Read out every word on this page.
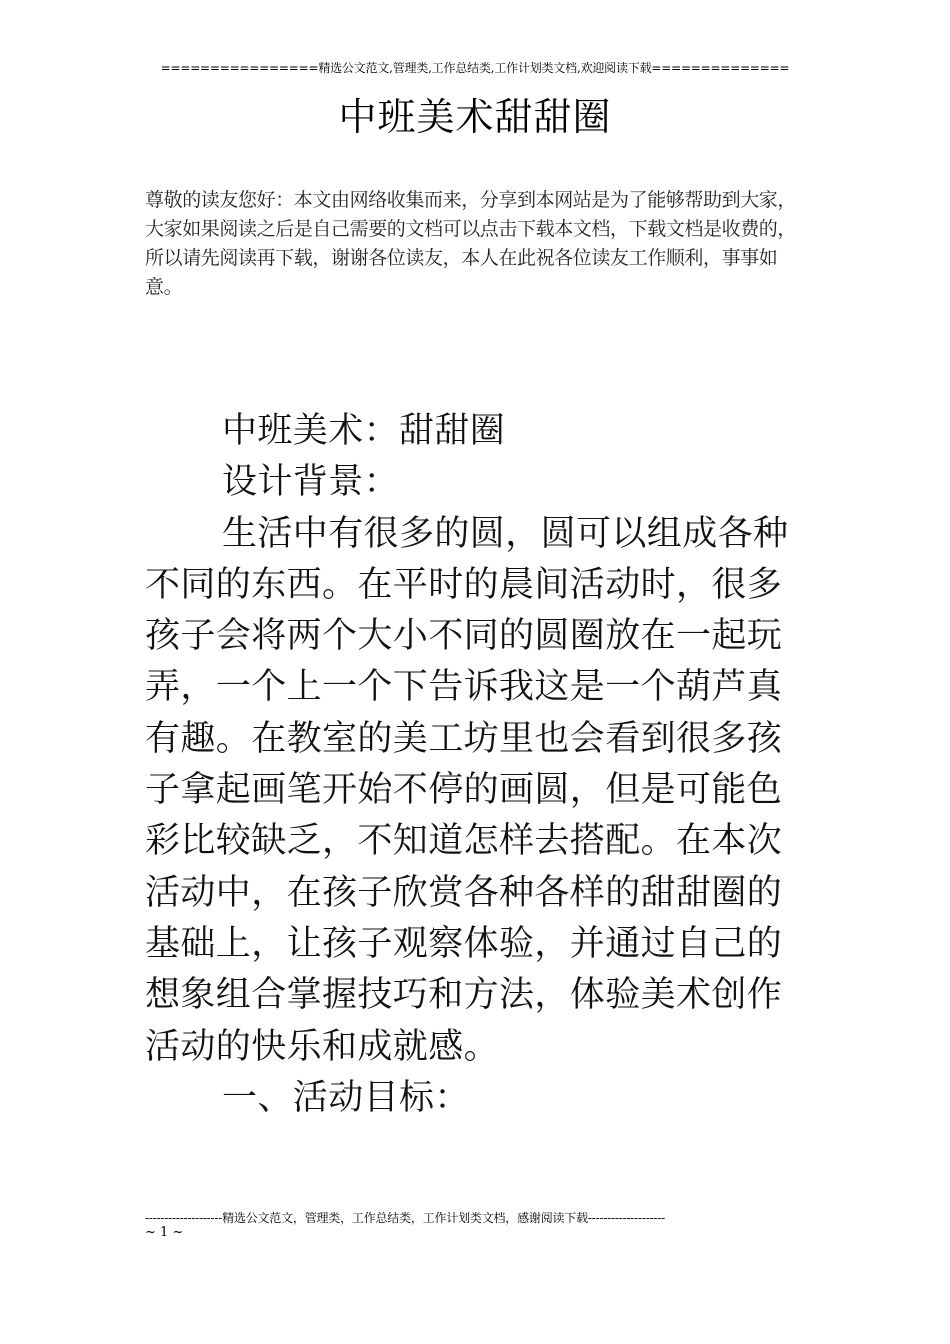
================精选公文范文,管理类,工作总结类,工作计划类文档,欢迎阅读下载==============
中班美术甜甜圈
尊敬的读友您好：本文由网络收集而来，分享到本网站是为了能够帮助到大家，大家如果阅读之后是自己需要的文档可以点击下载本文档，下载文档是收费的，所以请先阅读再下载，谢谢各位读友，本人在此祝各位读友工作顺利，事事如意。

中班美术：甜甜圈

设计背景：

生活中有很多的圆，圆可以组成各种不同的东西。在平时的晨间活动时，很多孩子会将两个大小不同的圆圈放在一起玩弄，一个上一个下告诉我这是一个葫芦真有趣。在教室的美工坊里也会看到很多孩子拿起画笔开始不停的画圆，但是可能色彩比较缺乏，不知道怎样去搭配。在本次活动中，在孩子欣赏各种各样的甜甜圈的基础上，让孩子观察体验，并通过自己的想象组合掌握技巧和方法，体验美术创作活动的快乐和成就感。

一、活动目标：

--------------------精选公文范文，管理类，工作总结类，工作计划类文档，感谢阅读下载--------------------
~ 1 ~
